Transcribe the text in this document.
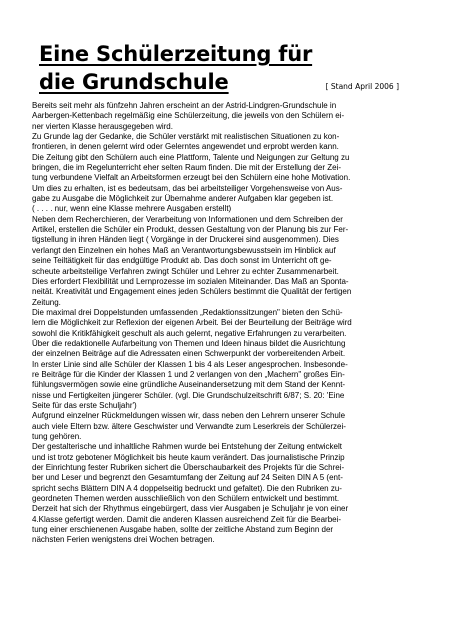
Eine Schülerzeitung für
die Grundschule	[ Stand April 2006 ]
Bereits seit mehr als fünfzehn Jahren erscheint an der Astrid-Lindgren-Grundschule in
Aarbergen-Kettenbach regelmäßig eine Schülerzeitung, die jeweils von den Schülern ei-
ner vierten Klasse herausgegeben wird.
Zu Grunde lag der Gedanke, die Schüler verstärkt mit realistischen Situationen zu kon-
frontieren, in denen gelernt wird oder Gelerntes angewendet und erprobt werden kann.
Die Zeitung gibt den Schülern auch eine Plattform, Talente und Neigungen zur Geltung zu
bringen, die im Regelunterricht eher selten Raum finden. Die mit der Erstellung der Zei-
tung verbundene Vielfalt an Arbeitsformen erzeugt bei den Schülern eine hohe Motivation.
Um dies zu erhalten, ist es bedeutsam, das bei arbeitsteiliger Vorgehensweise von Aus-
gabe zu Ausgabe die Möglichkeit zur Übernahme anderer Aufgaben klar gegeben ist.
( . . . . nur, wenn eine Klasse mehrere Ausgaben erstellt)
Neben dem Recherchieren, der Verarbeitung von Informationen und dem Schreiben der
Artikel, erstellen die Schüler ein Produkt, dessen Gestaltung von der Planung bis zur Fer-
tigstellung in ihren Händen liegt ( Vorgänge in der Druckerei sind ausgenommen). Dies
verlangt den Einzelnen ein hohes Maß an Verantwortungsbewusstsein im Hinblick auf
seine Teiltätigkeit für das endgültige Produkt ab. Das doch sonst im Unterricht oft ge-
scheute arbeitsteilige Verfahren zwingt Schüler und Lehrer zu echter Zusammenarbeit.
Dies erfordert Flexibilität und Lernprozesse im sozialen Miteinander. Das Maß an Sponta-
neität. Kreativität und Engagement eines jeden Schülers bestimmt die Qualität der fertigen
Zeitung.
Die maximal drei Doppelstunden umfassenden „Redaktionssitzungen" bieten den Schü-
lern die Möglichkeit zur Reflexion der eigenen Arbeit. Bei der Beurteilung der Beiträge wird
sowohl die Kritikfähigkeit geschult als auch gelernt, negative Erfahrungen zu verarbeiten.
Über die redaktionelle Aufarbeitung von Themen und Ideen hinaus bildet die Ausrichtung
der einzelnen Beiträge auf die Adressaten einen Schwerpunkt der vorbereitenden Arbeit.
In erster Linie sind alle Schüler der Klassen 1 bis 4 als Leser angesprochen. Insbesonde-
re Beiträge für die Kinder der Klassen 1 und 2 verlangen von den „Machern" großes Ein-
fühlungsvermögen sowie eine gründliche Auseinandersetzung mit dem Stand der Kennt-
nisse und Fertigkeiten jüngerer Schüler. (vgl. Die Grundschulzeitschrift 6/87; S. 20: 'Eine
Seite für das erste Schuljahr')
Aufgrund einzelner Rückmeldungen wissen wir, dass neben den Lehrern unserer Schule
auch viele Eltern bzw. ältere Geschwister und Verwandte zum Leserkreis der Schülerzei-
tung gehören.
Der gestalterische und inhaltliche Rahmen wurde bei Entstehung der Zeitung entwickelt
und ist trotz gebotener Möglichkeit bis heute kaum verändert. Das journalistische Prinzip
der Einrichtung fester Rubriken sichert die Überschaubarkeit des Projekts für die Schrei-
ber und Leser und begrenzt den Gesamtumfang der Zeitung auf 24 Seiten DIN A 5 (ent-
spricht sechs Blättern DIN A 4 doppelseitig bedruckt und gefaltet). Die den Rubriken zu-
geordneten Themen werden ausschließlich von den Schülern entwickelt und bestimmt.
Derzeit hat sich der Rhythmus eingebürgert, dass vier Ausgaben je Schuljahr je von einer
4.Klasse gefertigt werden. Damit die anderen Klassen ausreichend Zeit für die Bearbei-
tung einer erschienenen Ausgabe haben, sollte der zeitliche Abstand zum Beginn der
nächsten Ferien wenigstens drei Wochen betragen.
